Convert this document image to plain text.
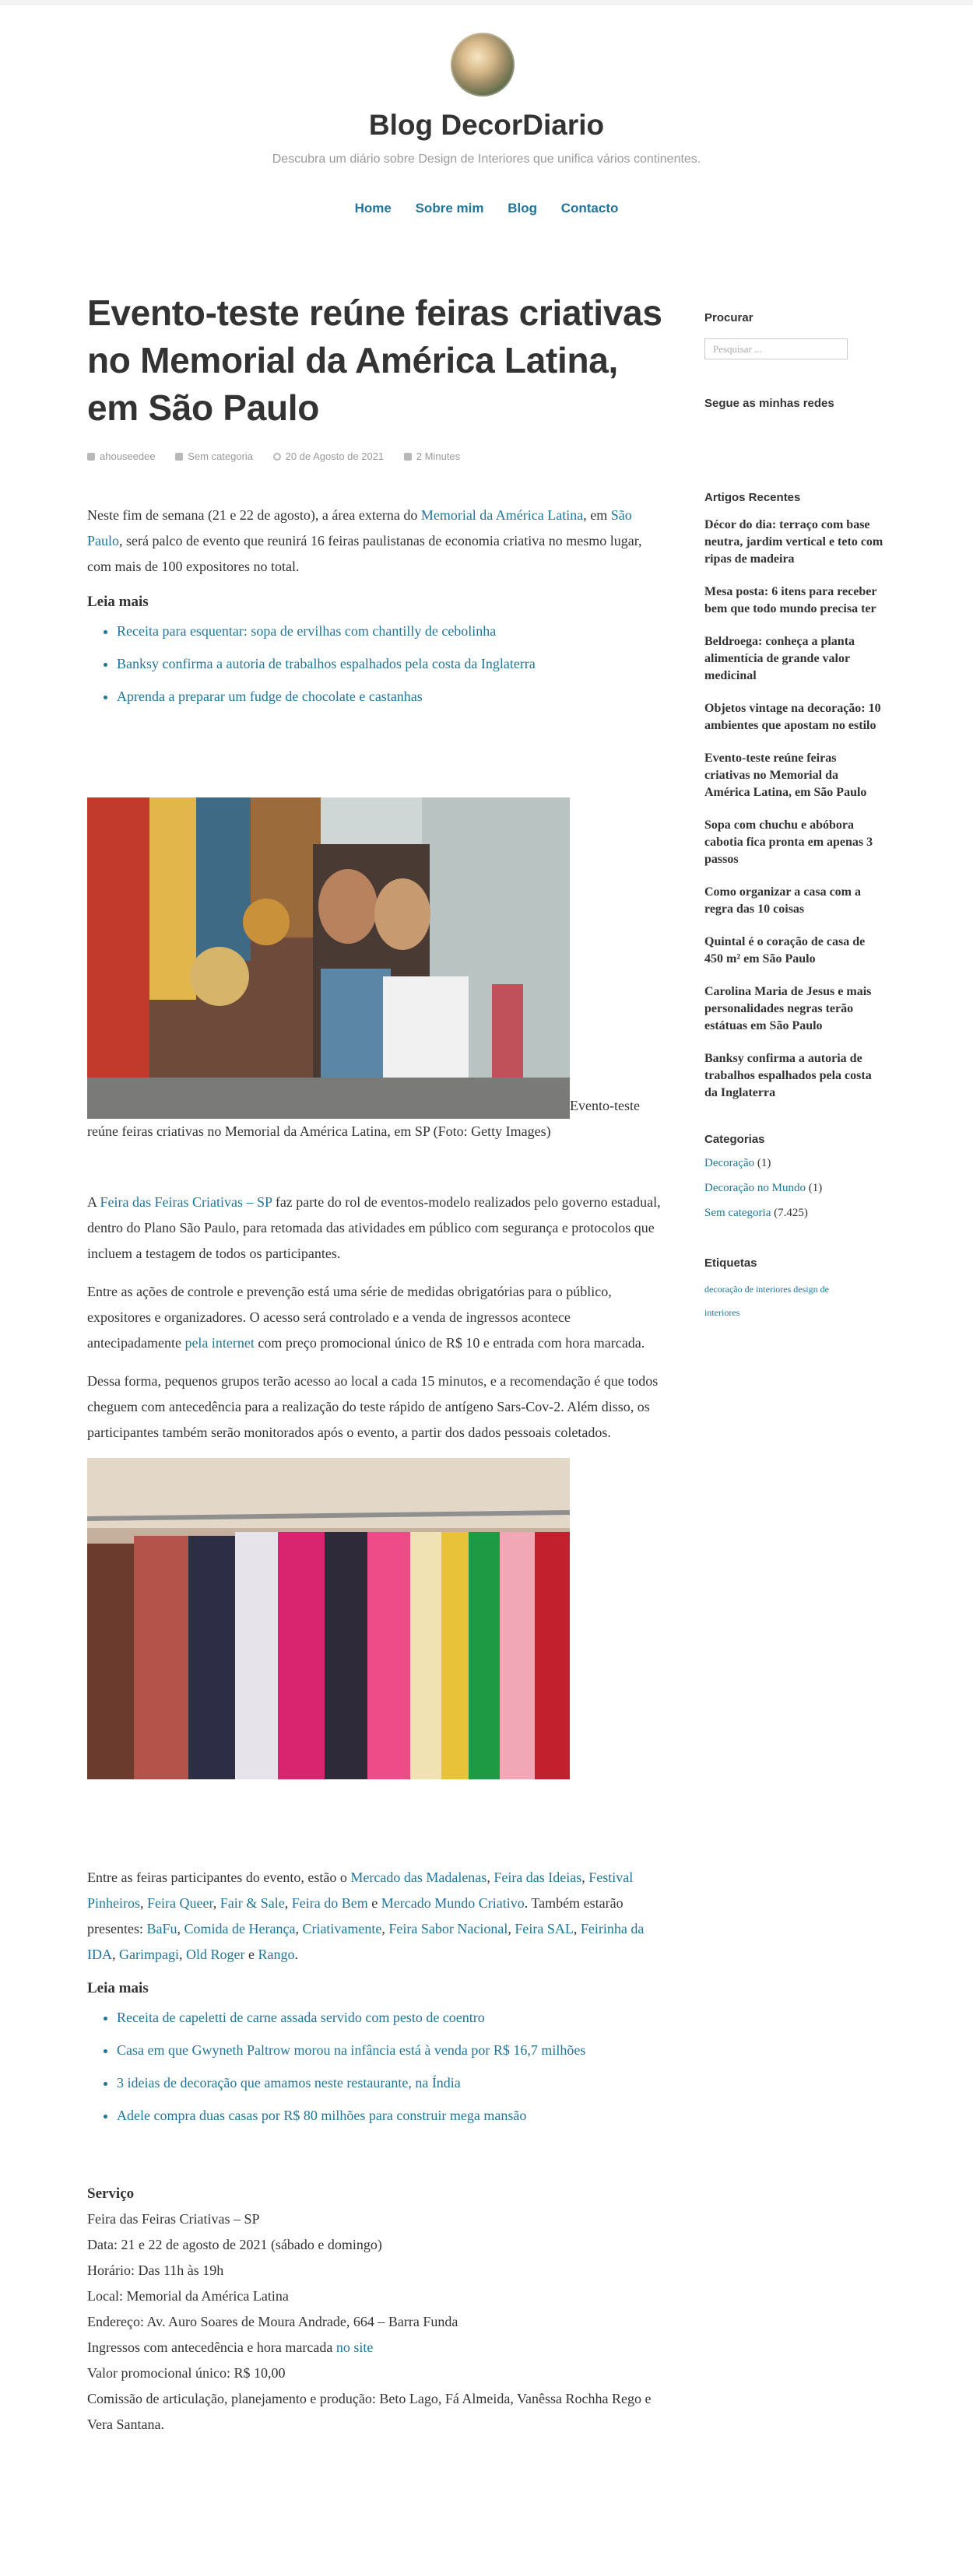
Blog DecorDiario
Descubra um diário sobre Design de Interiores que unifica vários continentes.
Home Sobre mim Blog Contacto
Evento-teste reúne feiras criativas no Memorial da América Latina, em São Paulo
ahouseedee	Sem categoria	20 de Agosto de 2021	2 Minutes

Neste fim de semana (21 e 22 de agosto), a área externa do Memorial da América Latina, em São Paulo, será palco de evento que reunirá 16 feiras paulistanas de economia criativa no mesmo lugar, com mais de 100 expositores no total.

Leia mais
• Receita para esquentar: sopa de ervilhas com chantilly de cebolinha
• Banksy confirma a autoria de trabalhos espalhados pela costa da Inglaterra
• Aprenda a preparar um fudge de chocolate e castanhas
Evento-teste reúne feiras criativas no Memorial da América Latina, em SP (Foto: Getty Images)

A Feira das Feiras Criativas – SP faz parte do rol de eventos-modelo realizados pelo governo estadual, dentro do Plano São Paulo, para retomada das atividades em público com segurança e protocolos que incluem a testagem de todos os participantes.

Entre as ações de controle e prevenção está uma série de medidas obrigatórias para o público, expositores e organizadores. O acesso será controlado e a venda de ingressos acontece antecipadamente pela internet com preço promocional único de R$ 10 e entrada com hora marcada.

Dessa forma, pequenos grupos terão acesso ao local a cada 15 minutos, e a recomendação é que todos cheguem com antecedência para a realização do teste rápido de antígeno Sars-Cov-2. Além disso, os participantes também serão monitorados após o evento, a partir dos dados pessoais coletados.

Entre as feiras participantes do evento, estão o Mercado das Madalenas, Feira das Ideias, Festival Pinheiros, Feira Queer, Fair & Sale, Feira do Bem e Mercado Mundo Criativo. Também estarão presentes: BaFu, Comida de Herança, Criativamente, Feira Sabor Nacional, Feira SAL, Feirinha da IDA, Garimpagi, Old Roger e Rango.

Leia mais
• Receita de capeletti de carne assada servido com pesto de coentro
• Casa em que Gwyneth Paltrow morou na infância está à venda por R$ 16,7 milhões
• 3 ideias de decoração que amamos neste restaurante, na Índia
• Adele compra duas casas por R$ 80 milhões para construir mega mansão
Serviço
Feira das Feiras Criativas – SP
Data: 21 e 22 de agosto de 2021 (sábado e domingo)
Horário: Das 11h às 19h
Local: Memorial da América Latina
Endereço: Av. Auro Soares de Moura Andrade, 664 – Barra Funda
Ingressos com antecedência e hora marcada no site
Valor promocional único: R$ 10,00
Comissão de articulação, planejamento e produção: Beto Lago, Fá Almeida, Vanêssa Rochha Rego e Vera Santana.
Procurar
Pesquisar ...
Segue as minhas redes
Artigos Recentes
Décor do dia: terraço com base neutra, jardim vertical e teto com ripas de madeira
Mesa posta: 6 itens para receber bem que todo mundo precisa ter
Beldroega: conheça a planta alimentícia de grande valor medicinal
Objetos vintage na decoração: 10 ambientes que apostam no estilo
Evento-teste reúne feiras criativas no Memorial da América Latina, em São Paulo
Sopa com chuchu e abóbora cabotia fica pronta em apenas 3 passos
Como organizar a casa com a regra das 10 coisas
Quintal é o coração de casa de 450 m² em São Paulo
Carolina Maria de Jesus e mais personalidades negras terão estátuas em São Paulo
Banksy confirma a autoria de trabalhos espalhados pela costa da Inglaterra
Categorias
Decoração (1)
Decoração no Mundo (1)
Sem categoria (7.425)
Etiquetas
decoração de interiores design de interiores
